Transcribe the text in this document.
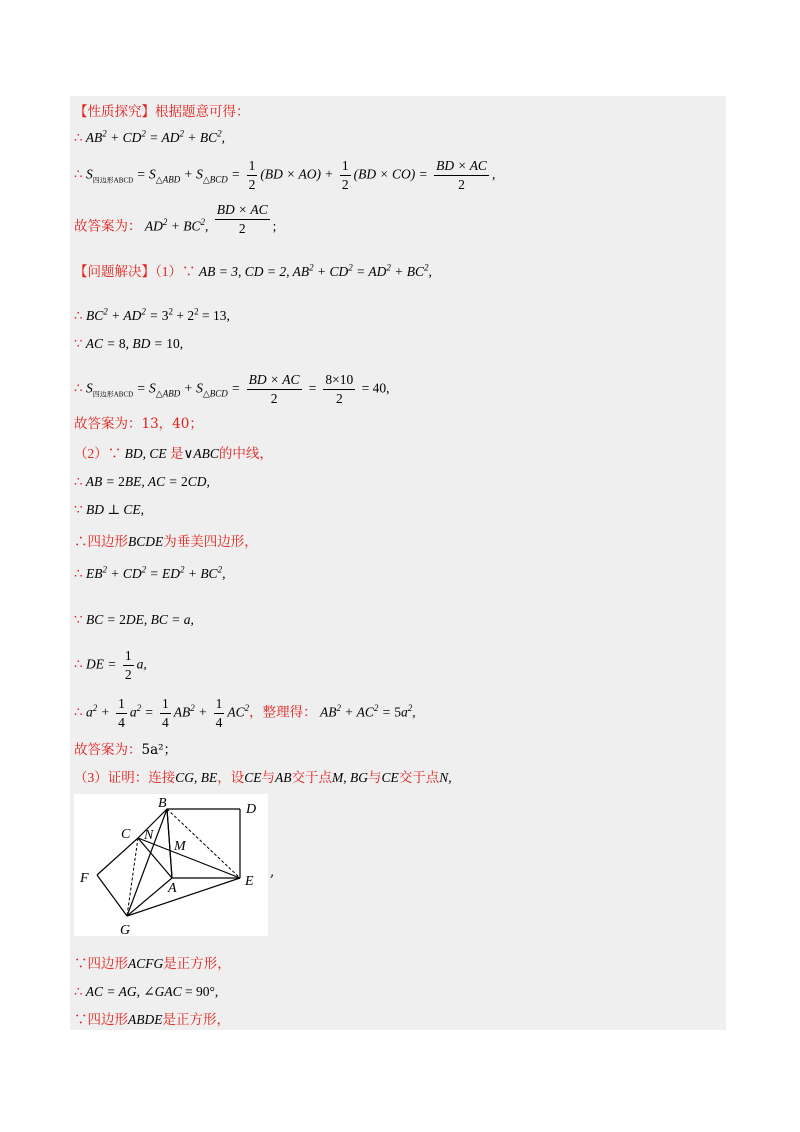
【性质探究】根据题意可得：
∴ $AB^2 + CD^2 = AD^2 + BC^2$,
∴ $S_{四边形ABCD} = S_{\triangle ABD} + S_{\triangle BCD} = \frac{1}{2} (BD \times AO) + \frac{1}{2} (BD \times CO) = \frac{BD \times AC}{2}$ ,
故答案为： $AD^2 + BC^2$, $\frac{BD \times AC}{2}$ ;
【问题解决】（1）∵ AB = 3, CD = 2, $AB^2 + CD^2 = AD^2 + BC^2$,
∴ $BC^2 + AD^2 = 3^2 + 2^2 = 13$,
∵ AC = 8, BD = 10,
∴ $S_{四边形ABCD} = S_{\triangle ABD} + S_{\triangle BCD} = \frac{BD \times AC}{2} = \frac{8\times 10}{2} = 40$,
故答案为：13，40；
（2）∵ BD, CE 是∨ABC的中线，
∴ AB = 2BE, AC = 2CD,
∵ BD ⊥ CE,
∴四边形BCDE为垂美四边形，
∴ $EB^2 + CD^2 = ED^2 + BC^2$,
∵ BC = 2DE, BC = a,
∴ DE = $\frac{1}{2} a$,
∴ $a^2 + \frac{1}{4} a^2 = \frac{1}{4} AB^2 + \frac{1}{4} AC^2$，整理得： $AB^2 + AC^2 = 5a^2$,
故答案为：5a²；
（3）证明：连接CG, BE，设CE与AB交于点M, BG与CE交于点N,
B	D
C N
M
F
A	E
G
,
∵四边形ACFG是正方形，
∴ AC = AG, ∠GAC = 90°,
∵四边形ABDE是正方形，
